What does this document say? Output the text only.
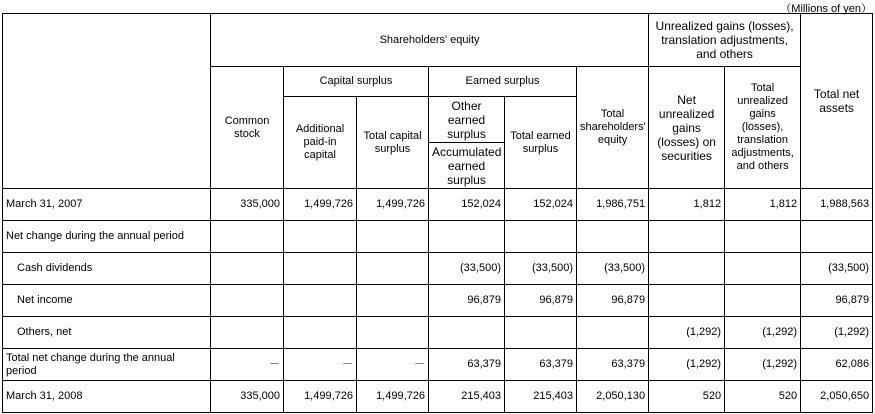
（Millions of yen）
	Shareholders' equity						Unrealized gains (losses), translation adjustments, and others		Total net assets
	Common stock	Capital surplus		Earned surplus		Total shareholders' equity	Net unrealized gains (losses) on securities	Total unrealized gains (losses), translation adjustments, and others	
		Additional paid-in capital	Total capital surplus	Other earned surplus	Total earned surplus				
				Accumulated earned surplus					

March 31, 2007	335,000	1,499,726	1,499,726	152,024	152,024	1,986,751	1,812	1,812	1,988,563
Net change during the annual period									
Cash dividends				(33,500)	(33,500)	(33,500)			(33,500)
Net income				96,879	96,879	96,879			96,879
Others, net							(1,292)	(1,292)	(1,292)
Total net change during the annual period	－	－	－	63,379	63,379	63,379	(1,292)	(1,292)	62,086
March 31, 2008	335,000	1,499,726	1,499,726	215,403	215,403	2,050,130	520	520	2,050,650
